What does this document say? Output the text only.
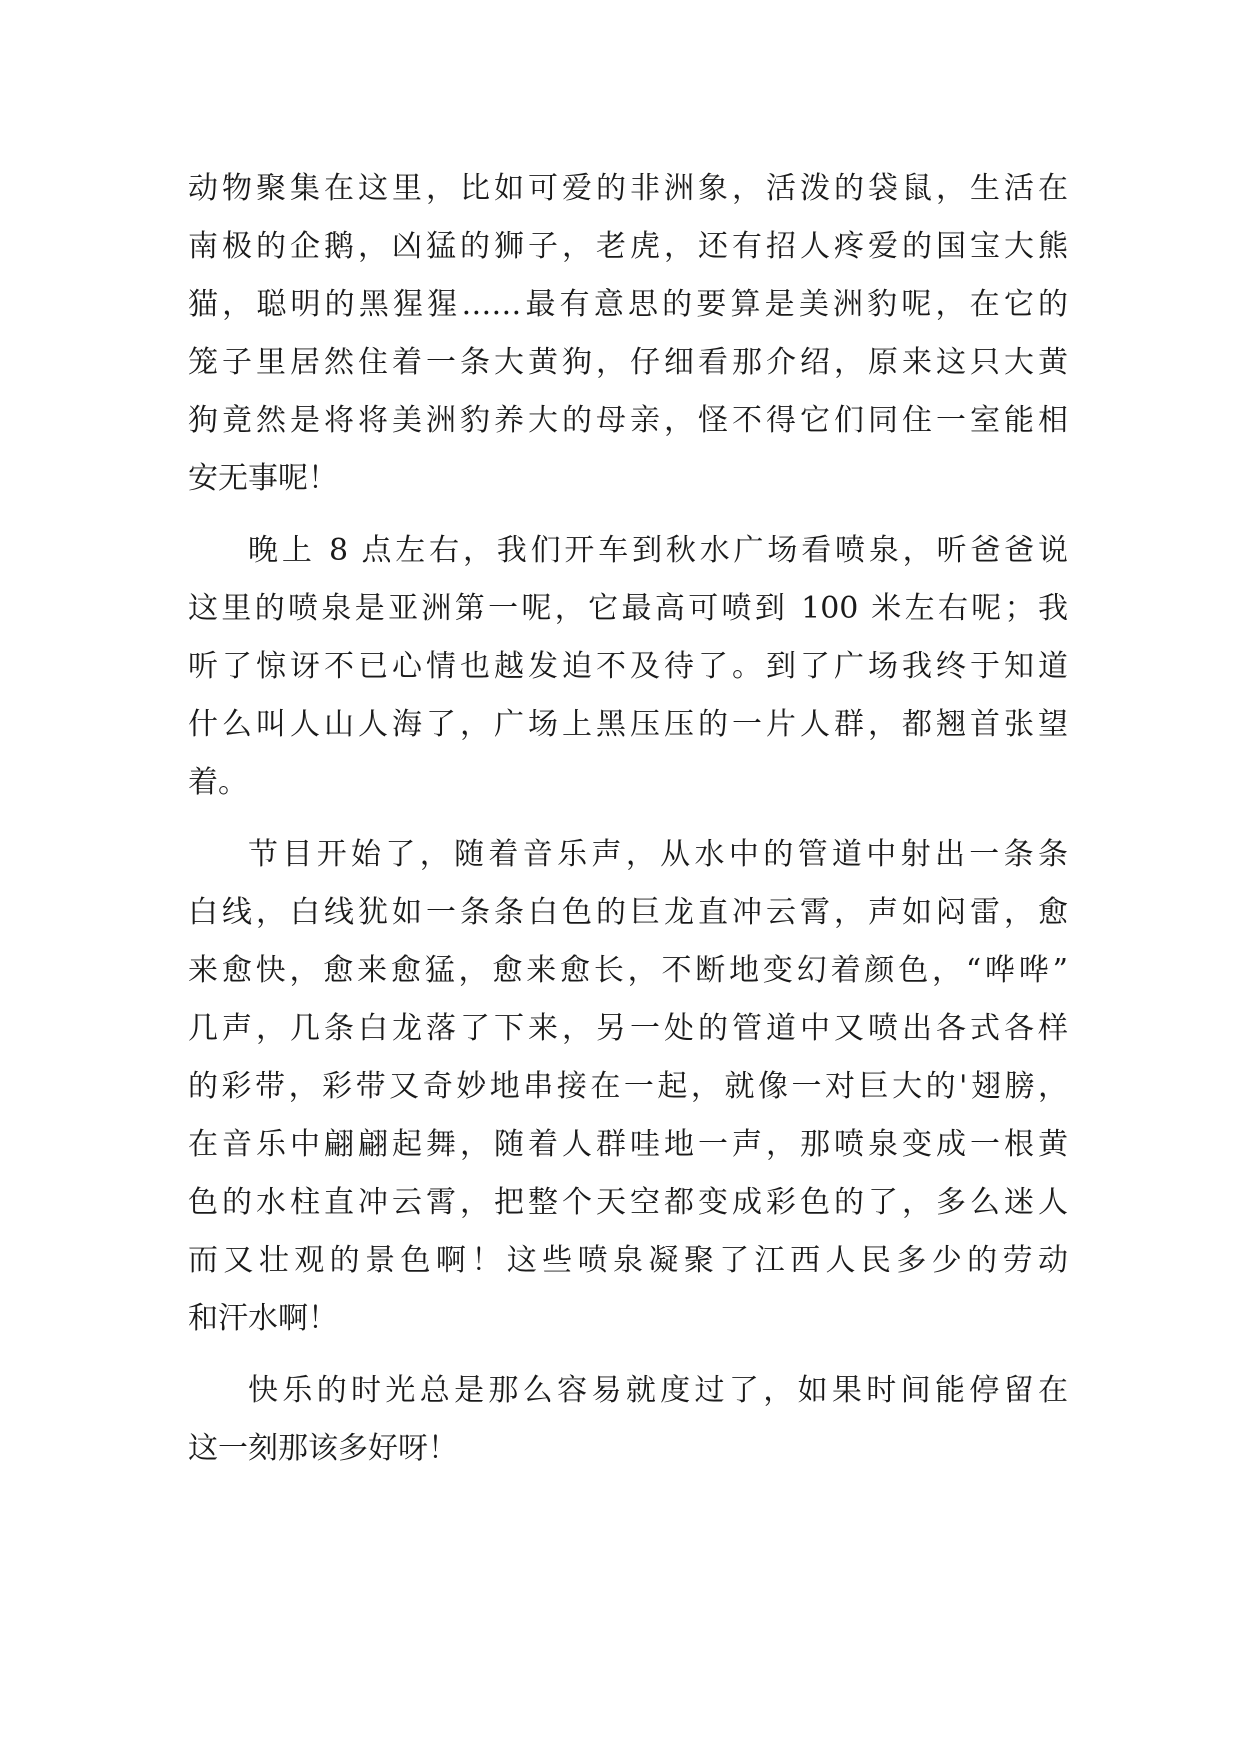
动物聚集在这里，比如可爱的非洲象，活泼的袋鼠，生活在
南极的企鹅，凶猛的狮子，老虎，还有招人疼爱的国宝大熊
猫，聪明的黑猩猩……最有意思的要算是美洲豹呢，在它的
笼子里居然住着一条大黄狗，仔细看那介绍，原来这只大黄
狗竟然是将将美洲豹养大的母亲，怪不得它们同住一室能相
安无事呢！
晚上 8 点左右，我们开车到秋水广场看喷泉，听爸爸说
这里的喷泉是亚洲第一呢，它最高可喷到 100 米左右呢；我
听了惊讶不已心情也越发迫不及待了。到了广场我终于知道
什么叫人山人海了，广场上黑压压的一片人群，都翘首张望
着。
节目开始了，随着音乐声，从水中的管道中射出一条条
白线，白线犹如一条条白色的巨龙直冲云霄，声如闷雷，愈
来愈快，愈来愈猛，愈来愈长，不断地变幻着颜色，“哗哗”
几声，几条白龙落了下来，另一处的管道中又喷出各式各样
的彩带，彩带又奇妙地串接在一起，就像一对巨大的'翅膀，
在音乐中翩翩起舞，随着人群哇地一声，那喷泉变成一根黄
色的水柱直冲云霄，把整个天空都变成彩色的了，多么迷人
而又壮观的景色啊！这些喷泉凝聚了江西人民多少的劳动
和汗水啊！
快乐的时光总是那么容易就度过了，如果时间能停留在
这一刻那该多好呀！
